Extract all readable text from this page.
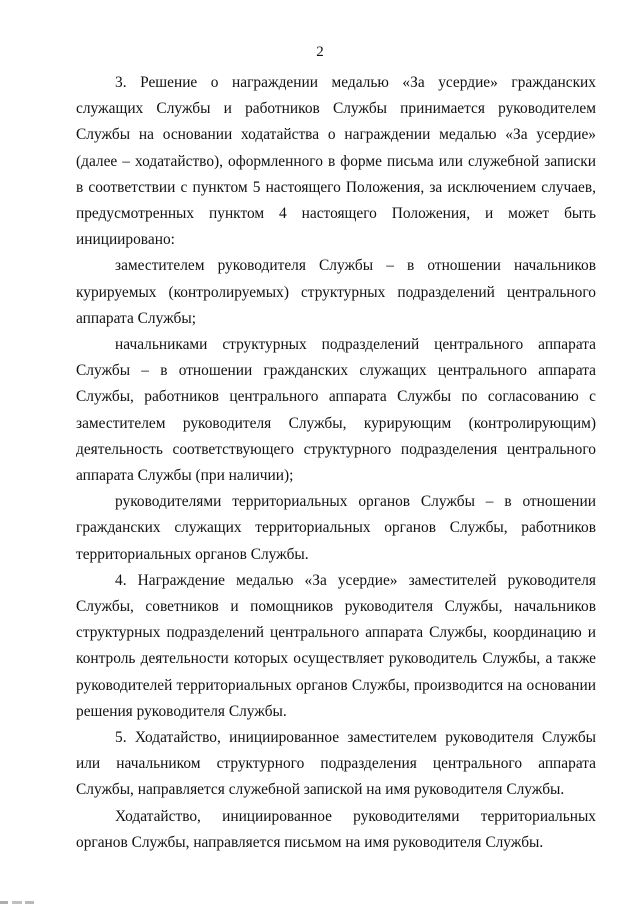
2

3. Решение о награждении медалью «За усердие» гражданских служащих Службы и работников Службы принимается руководителем Службы на основании ходатайства о награждении медалью «За усердие» (далее – ходатайство), оформленного в форме письма или служебной записки в соответствии с пунктом 5 настоящего Положения, за исключением случаев, предусмотренных пунктом 4 настоящего Положения, и может быть инициировано:

заместителем руководителя Службы – в отношении начальников курируемых (контролируемых) структурных подразделений центрального аппарата Службы;

начальниками структурных подразделений центрального аппарата Службы – в отношении гражданских служащих центрального аппарата Службы, работников центрального аппарата Службы по согласованию с заместителем руководителя Службы, курирующим (контролирующим) деятельность соответствующего структурного подразделения центрального аппарата Службы (при наличии);

руководителями территориальных органов Службы – в отношении гражданских служащих территориальных органов Службы, работников территориальных органов Службы.

4. Награждение медалью «За усердие» заместителей руководителя Службы, советников и помощников руководителя Службы, начальников структурных подразделений центрального аппарата Службы, координацию и контроль деятельности которых осуществляет руководитель Службы, а также руководителей территориальных органов Службы, производится на основании решения руководителя Службы.

5. Ходатайство, инициированное заместителем руководителя Службы или начальником структурного подразделения центрального аппарата Службы, направляется служебной запиской на имя руководителя Службы.

Ходатайство, инициированное руководителями территориальных органов Службы, направляется письмом на имя руководителя Службы.
